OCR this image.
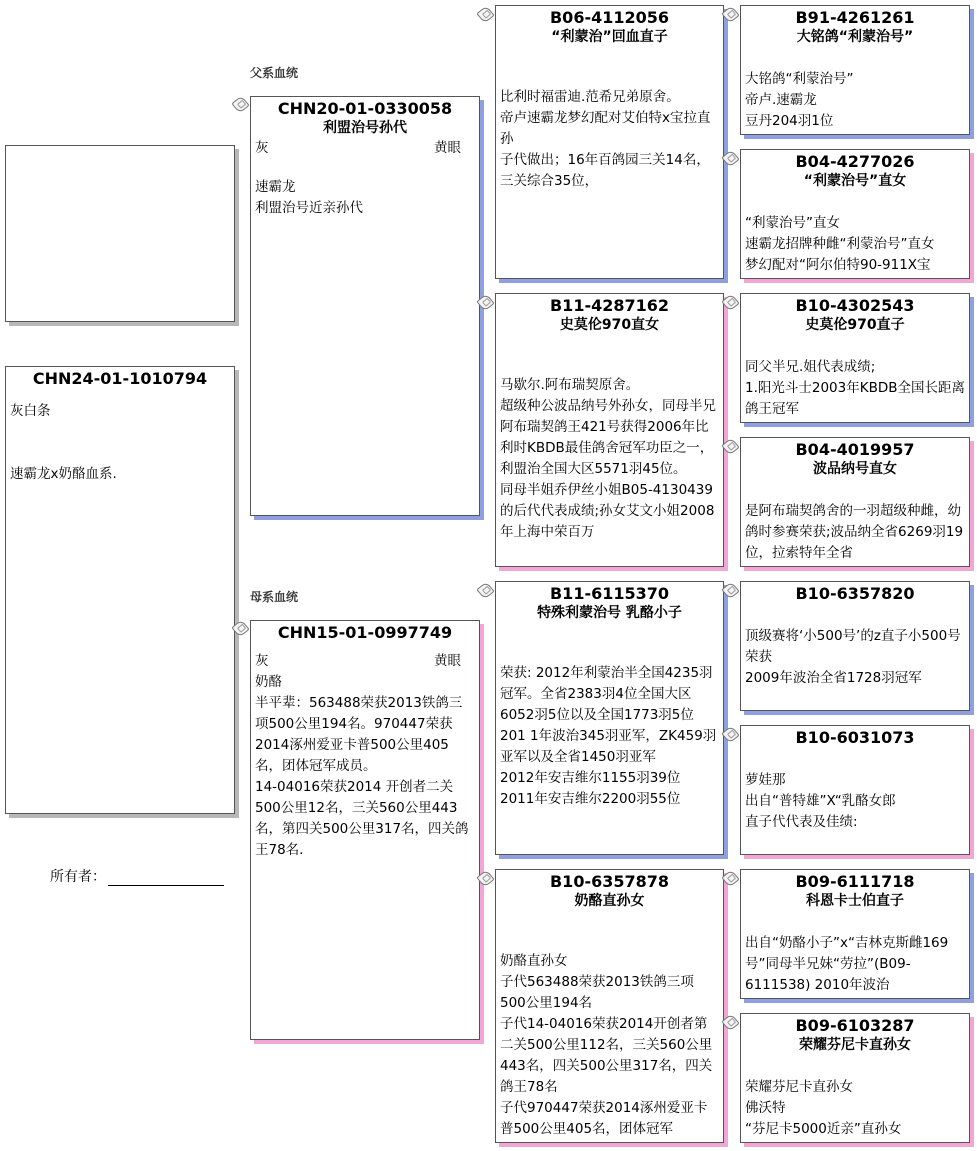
CHN24-01-1010794
灰白条
速霸龙x奶酪血系.
所有者：
父系血统
母系血统
CHN20-01-0330058
利盟治号孙代
灰	黄眼
速霸龙
利盟治号近亲孙代
CHN15-01-0997749
灰	黄眼
奶酪
半平辈：563488荣获2013铁鸽三项500公里194名。970447荣获2014涿州爱亚卡普500公里405名，团体冠军成员。
14-04016荣获2014 开创者二关500公里12名，三关560公里443名，第四关500公里317名，四关鸽王78名.
B06-4112056
“利蒙治”回血直子
比利时福雷迪.范希兄弟原舍。
帝卢速霸龙梦幻配对艾伯特x宝拉直孙
子代做出；16年百鸽园三关14名，三关综合35位，
B11-4287162
史莫伦970直女
马歇尔.阿布瑞契原舍。
超级种公波品纳号外孙女，同母半兄阿布瑞契鸽王421号获得2006年比利时KBDB最佳鸽舍冠军功臣之一，利盟治全国大区5571羽45位。
同母半姐乔伊丝小姐B05-4130439的后代代表成绩;孙女艾文小姐2008年上海中荣百万
B11-6115370
特殊利蒙治号 乳酪小子
荣获: 2012年利蒙治半全国4235羽冠军。全省2383羽4位全国大区6052羽5位以及全国1773羽5位
201 1年波治345羽亚军，ZK459羽亚军以及全省1450羽亚军
2012年安吉维尔1155羽39位
2011年安吉维尔2200羽55位
B10-6357878
奶酪直孙女
奶酪直孙女
子代563488荣获2013铁鸽三项500公里194名
子代14-04016荣获2014开创者第二关500公里112名，三关560公里443名，四关500公里317名，四关鸽王78名
子代970447荣获2014涿州爱亚卡普500公里405名，团体冠军
B91-4261261
大铭鸽“利蒙治号”
大铭鸽“利蒙治号”
帝卢.速霸龙
豆丹204羽1位
B04-4277026
“利蒙治号”直女
“利蒙治号”直女
速霸龙招牌种雌“利蒙治号”直女
梦幻配对“阿尔伯特90-911X宝
B10-4302543
史莫伦970直子
同父半兄.姐代表成绩;
1.阳光斗士2003年KBDB全国长距离鸽王冠军
B04-4019957
波品纳号直女
是阿布瑞契鸽舍的一羽超级种雌，幼鸽时参赛荣获;波品纳全省6269羽19位，拉索特年全省
B10-6357820
顶级赛将‘小500号’的z直子小500号荣获
2009年波治全省1728羽冠军
B10-6031073
萝娃那
出自“普特雄”X“乳酪女郎
直子代代表及佳绩:
B09-6111718
科恩卡士伯直子
出自“奶酪小子”x“吉林克斯雌169号”同母半兄妹“劳拉”(B09-6111538) 2010年波治
B09-6103287
荣耀芬尼卡直孙女
荣耀芬尼卡直孙女
佛沃特
“芬尼卡5000近亲”直孙女
